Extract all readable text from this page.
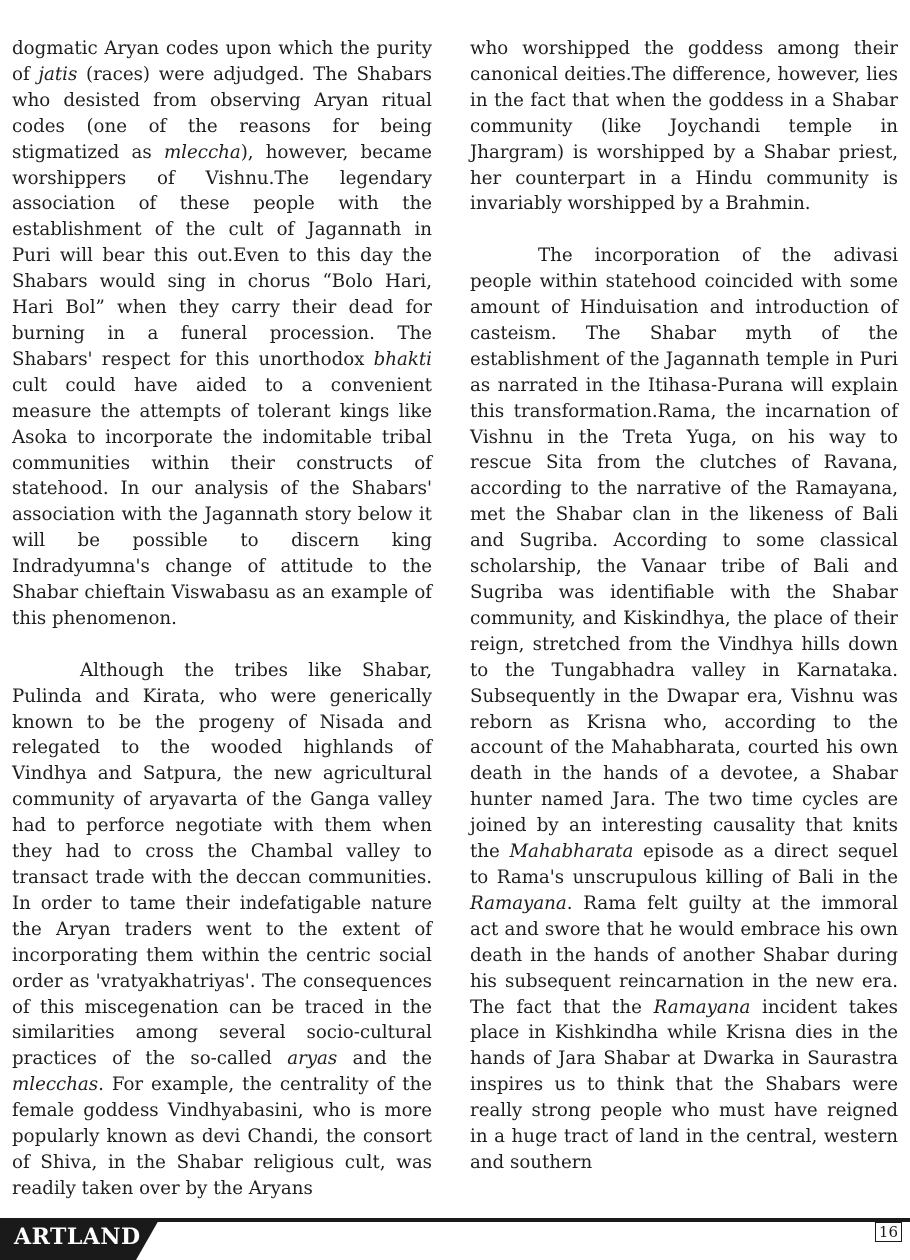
dogmatic Aryan codes upon which the purity of jatis (races) were adjudged. The Shabars who desisted from observing Aryan ritual codes (one of the reasons for being stigmatized as mleccha), however, became worshippers of Vishnu.The legendary association of these people with the establishment of the cult of Jagannath in Puri will bear this out.Even to this day the Shabars would sing in chorus “Bolo Hari, Hari Bol” when they carry their dead for burning in a funeral procession. The Shabars' respect for this unorthodox bhakti cult could have aided to a convenient measure the attempts of tolerant kings like Asoka to incorporate the indomitable tribal communities within their constructs of statehood. In our analysis of the Shabars' association with the Jagannath story below it will be possible to discern king Indradyumna's change of attitude to the Shabar chieftain Viswabasu as an example of this phenomenon.

Although the tribes like Shabar, Pulinda and Kirata, who were generically known to be the progeny of Nisada and relegated to the wooded highlands of Vindhya and Satpura, the new agricultural community of aryavarta of the Ganga valley had to perforce negotiate with them when they had to cross the Chambal valley to transact trade with the deccan communities. In order to tame their indefatigable nature the Aryan traders went to the extent of incorporating them within the centric social order as 'vratyakhatriyas'. The consequences of this miscegenation can be traced in the similarities among several socio-cultural practices of the so-called aryas and the mlecchas. For example, the centrality of the female goddess Vindhyabasini, who is more popularly known as devi Chandi, the consort of Shiva, in the Shabar religious cult, was readily taken over by the Aryans

who worshipped the goddess among their canonical deities.The difference, however, lies in the fact that when the goddess in a Shabar community (like Joychandi temple in Jhargram) is worshipped by a Shabar priest, her counterpart in a Hindu community is invariably worshipped by a Brahmin.

The incorporation of the adivasi people within statehood coincided with some amount of Hinduisation and introduction of casteism. The Shabar myth of the establishment of the Jagannath temple in Puri as narrated in the Itihasa-Purana will explain this transformation.Rama, the incarnation of Vishnu in the Treta Yuga, on his way to rescue Sita from the clutches of Ravana, according to the narrative of the Ramayana, met the Shabar clan in the likeness of Bali and Sugriba. According to some classical scholarship, the Vanaar tribe of Bali and Sugriba was identifiable with the Shabar community, and Kiskindhya, the place of their reign, stretched from the Vindhya hills down to the Tungabhadra valley in Karnataka. Subsequently in the Dwapar era, Vishnu was reborn as Krisna who, according to the account of the Mahabharata, courted his own death in the hands of a devotee, a Shabar hunter named Jara. The two time cycles are joined by an interesting causality that knits the Mahabharata episode as a direct sequel to Rama's unscrupulous killing of Bali in the Ramayana. Rama felt guilty at the immoral act and swore that he would embrace his own death in the hands of another Shabar during his subsequent reincarnation in the new era. The fact that the Ramayana incident takes place in Kishkindha while Krisna dies in the hands of Jara Shabar at Dwarka in Saurastra inspires us to think that the Shabars were really strong people who must have reigned in a huge tract of land in the central, western and southern

ARTLAND	16
